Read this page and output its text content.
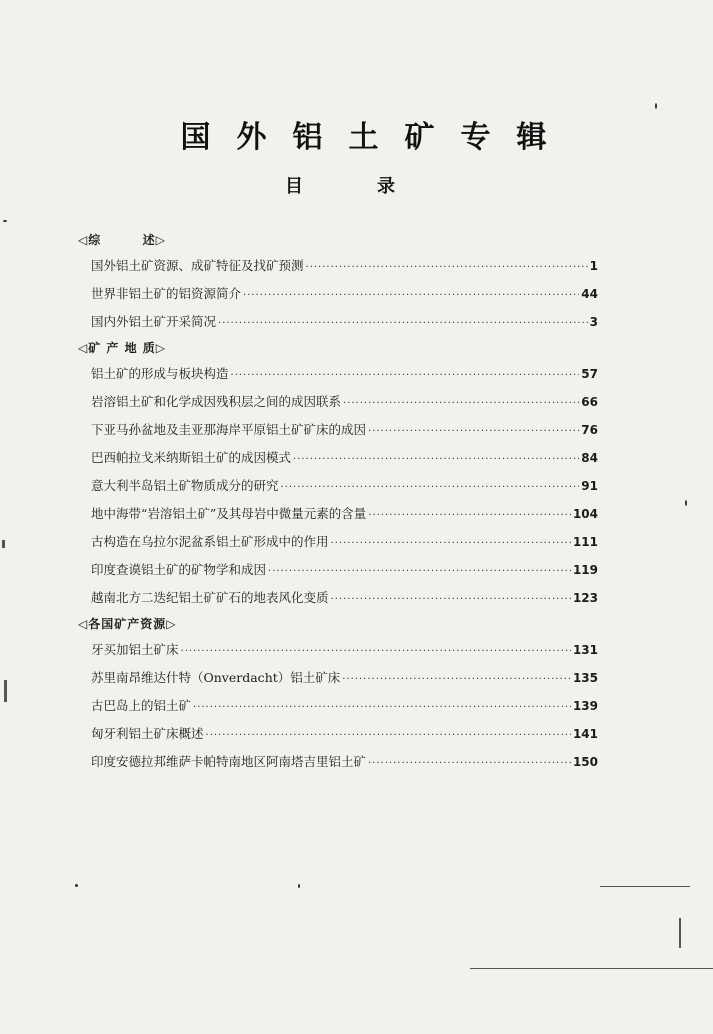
国外铝土矿专辑
目	录
◁综        述▷
国外铝土矿资源、成矿特征及找矿预测 ·····	1
世界非铝土矿的铝资源简介 ·····	44
国内外铝土矿开采简况 ·····	3
◁矿 产 地 质▷
铝土矿的形成与板块构造 ·····	57
岩溶铝土矿和化学成因残积层之间的成因联系 ·····	66
下亚马孙盆地及圭亚那海岸平原铝土矿矿床的成因 ·····	76
巴西帕拉戈米纳斯铝土矿的成因模式 ·····	84
意大利半岛铝土矿物质成分的研究 ·····	91
地中海带“岩溶铝土矿”及其母岩中微量元素的含量 ·····	104
古构造在乌拉尔泥盆系铝土矿形成中的作用 ·····	111
印度查谟铝土矿的矿物学和成因 ·····	119
越南北方二迭纪铝土矿矿石的地表风化变质 ·····	123
◁各国矿产资源▷
牙买加铝土矿床 ·····	131
苏里南昂维达什特（Onverdacht）铝土矿床 ·····	135
古巴岛上的铝土矿 ·····	139
匈牙利铝土矿床概述 ·····	141
印度安德拉邦维萨卡帕特南地区阿南塔吉里铝土矿 ·····	150
